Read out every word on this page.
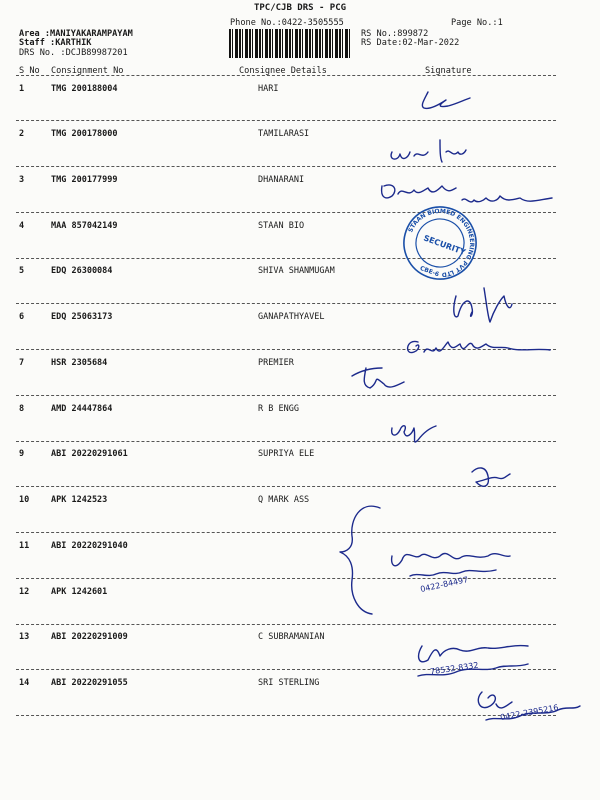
TPC/CJB DRS - PCG
Phone No.:0422-3505555	Page No.:1
Area :MANIYAKARAMPAYAM
Staff :KARTHIK
DRS No. :DCJB89987201
RS No.:899872
RS Date:02-Mar-2022
S No Consignment No	Consignee Details	Signature
1	TMG 200188004	HARI
2	TMG 200178000	TAMILARASI
3	TMG 200177999	DHANARANI
4	MAA 857042149	STAAN BIO
5	EDQ 26300084	SHIVA SHANMUGAM
6	EDQ 25063173	GANAPATHYAVEL
7	HSR 2305684	PREMIER
8	AMD 24447864	R B ENGG
9	ABI 20220291061	SUPRIYA ELE
10	APK 1242523	Q MARK ASS
11	ABI 20220291040
12	APK 1242601
13	ABI 20220291009	C SUBRAMANIAN
14	ABI 20220291055	SRI STERLING
STAAN BIOMED ENGINEERING PVT LTD
SECURITY
CBE-6
0422-84497
78532-8332
0422-2395216
